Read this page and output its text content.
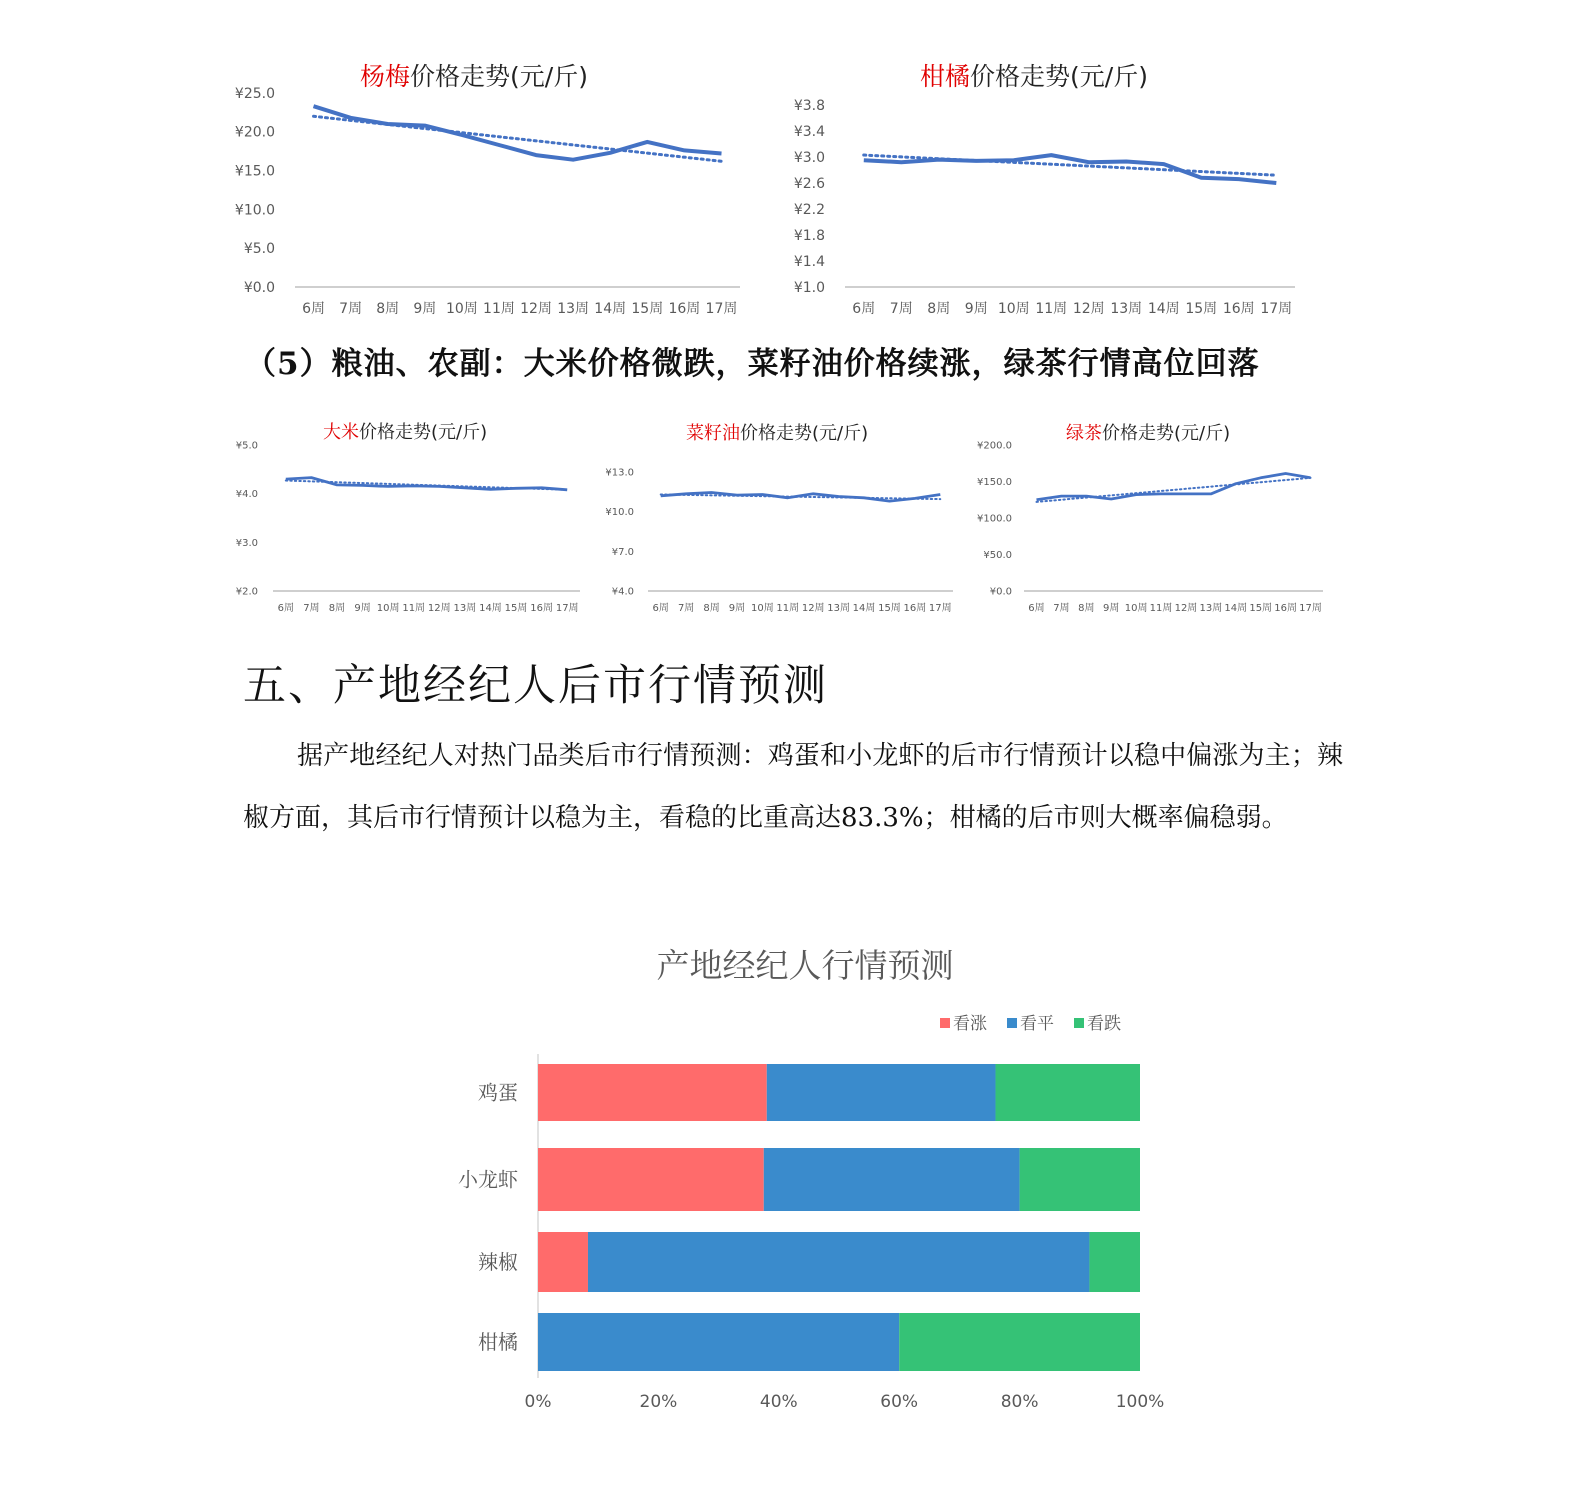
杨梅价格走势(元/斤)
¥25.0
¥20.0
¥15.0
¥10.0
¥5.0
¥0.0
6周 7周 8周 9周 10周 11周 12周 13周 14周 15周 16周 17周
柑橘价格走势(元/斤)
¥3.8
¥3.4
¥3.0
¥2.6
¥2.2
¥1.8
¥1.4
¥1.0
6周 7周 8周 9周 10周 11周 12周 13周 14周 15周 16周 17周
（5）粮油、农副：大米价格微跌，菜籽油价格续涨，绿茶行情高位回落
大米价格走势(元/斤)
¥5.0
¥4.0
¥3.0
¥2.0
6周 7周 8周 9周 10周 11周 12周 13周 14周 15周 16周 17周
菜籽油价格走势(元/斤)
¥13.0
¥10.0
¥7.0
¥4.0
6周 7周 8周 9周 10周 11周 12周 13周 14周 15周 16周 17周
绿茶价格走势(元/斤)
¥200.0
¥150.0
¥100.0
¥50.0
¥0.0
6周 7周 8周 9周 10周 11周 12周 13周 14周 15周 16周 17周
五、产地经纪人后市行情预测
据产地经纪人对热门品类后市行情预测：鸡蛋和小龙虾的后市行情预计以稳中偏涨为主；辣椒方面，其后市行情预计以稳为主，看稳的比重高达83.3%；柑橘的后市则大概率偏稳弱。
产地经纪人行情预测
看涨 看平 看跌
鸡蛋
小龙虾
辣椒
柑橘
0%	20%	40%	60%	80%	100%
